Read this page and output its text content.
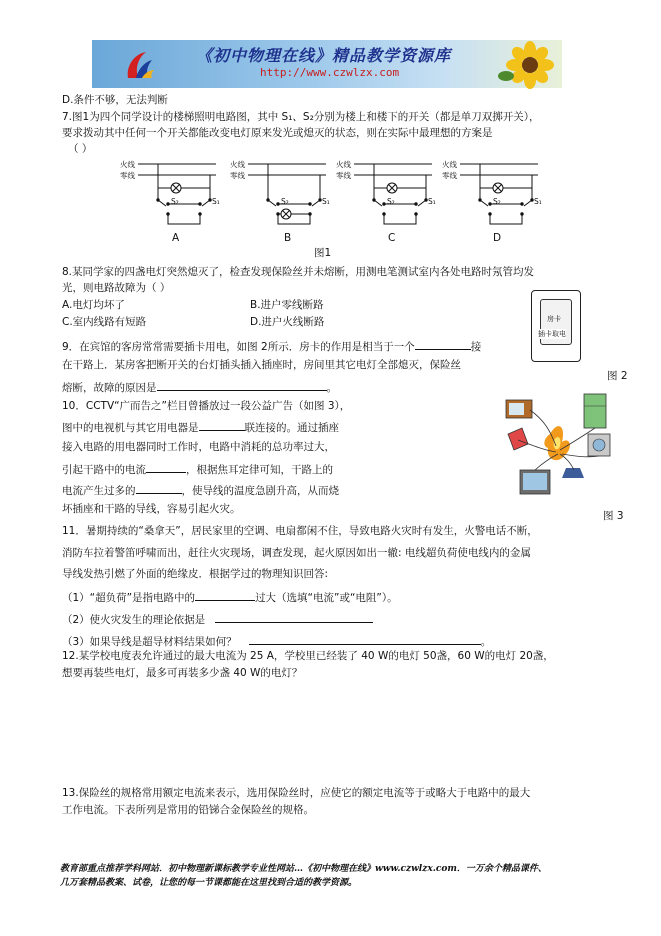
《初中物理在线》精品教学资源库
http://www.czwlzx.com
D.条件不够，无法判断
7.图1为四个同学设计的楼梯照明电路图，其中 S₁、S₂分别为楼上和楼下的开关（都是单刀双掷开关），
要求拨动其中任何一个开关都能改变电灯原来发光或熄灭的状态，则在实际中最理想的方案是
（ ）
火线
零线
S₂	S₁
火线
零线
S₂	S₁
火线
零线
S₂	S₁
火线
零线
S₂	S₁
A	B	C	D
图1
8.某同学家的四盏电灯突然熄灭了，检查发现保险丝并未熔断，用测电笔测试室内各处电路时氖管均发
光，则电路故障为（ ）
A.电灯均坏了	B.进户零线断路
C.室内线路有短路	D.进户火线断路	房卡
插卡取电
图 2
9．在宾馆的客房常常需要插卡用电，如图 2所示．房卡的作用是相当于一个	接
在干路上．某房客把断开关的台灯插头插入插座时，房间里其它电灯全部熄灭，保险丝
熔断，故障的原因是	。
图 3
10．CCTV“广而告之”栏目曾播放过一段公益广告（如图 3），
图中的电视机与其它用电器是	联连接的。通过插座
接入电路的用电器同时工作时，电路中消耗的总功率过大，
引起干路中的电流	，根据焦耳定律可知，干路上的
电流产生过多的	，使导线的温度急剧升高，从而烧
坏插座和干路的导线，容易引起火灾。
11．暑期持续的“桑拿天”，居民家里的空调、电扇都闲不住，导致电路火灾时有发生，火警电话不断，
消防车拉着警笛呼啸而出，赶往火灾现场，调查发现，起火原因如出一辙: 电线超负荷使电线内的金属
导线发热引燃了外面的绝缘皮．根据学过的物理知识回答:
（1）“超负荷”是指电路中的	过大（选填“电流”或“电阻”）。
（2）使火灾发生的理论依据是
（3）如果导线是超导材料结果如何？	。
12.某学校电度表允许通过的最大电流为 25 A，学校里已经装了 40 W的电灯 50盏，60 W的电灯 20盏，
想要再装些电灯，最多可再装多少盏 40 W的电灯？
13.保险丝的规格常用额定电流来表示，选用保险丝时，应使它的额定电流等于或略大于电路中的最大
工作电流。下表所列是常用的铅锑合金保险丝的规格。
教育部重点推荐学科网站．初中物理新课标教学专业性网站…《初中物理在线》www.czwlzx.com．一万余个精品课件、
几万套精品教案、试卷，让您的每一节课都能在这里找到合适的教学资源。
